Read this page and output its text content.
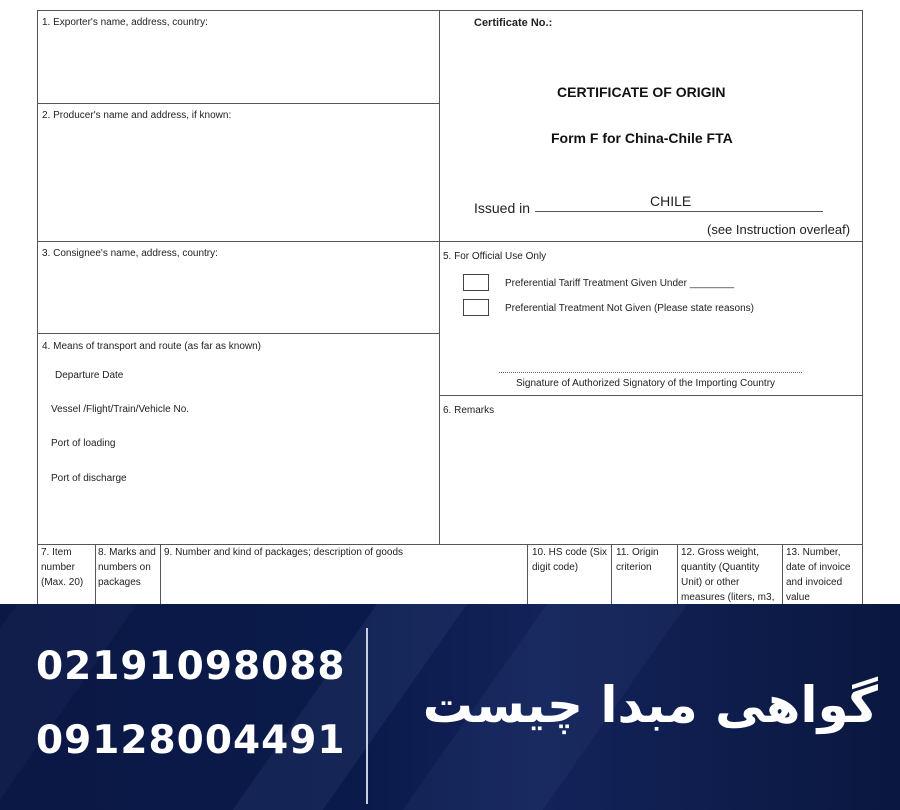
1. Exporter's name, address, country:
2. Producer's name and address, if known:
3. Consignee's name, address, country:
4. Means of transport and route (as far as known)
Departure Date
Vessel /Flight/Train/Vehicle No.
Port of loading
Port of discharge
Certificate No.:
CERTIFICATE OF ORIGIN
Form F for China-Chile FTA
Issued in	CHILE
(see Instruction overleaf)
5. For Official Use Only
Preferential Tariff Treatment Given Under ________
Preferential Treatment Not Given (Please state reasons)
Signature of Authorized Signatory of the Importing Country
6. Remarks
7. Item number (Max. 20)
8. Marks and numbers on packages
9. Number and kind of packages; description of goods	10. HS code (Six digit code)
11. Origin criterion
12. Gross weight, quantity (Quantity Unit) or other measures (liters, m3,
13. Number, date of invoice and invoiced value
02191098088
09128004491
گواهی مبدا چیست
